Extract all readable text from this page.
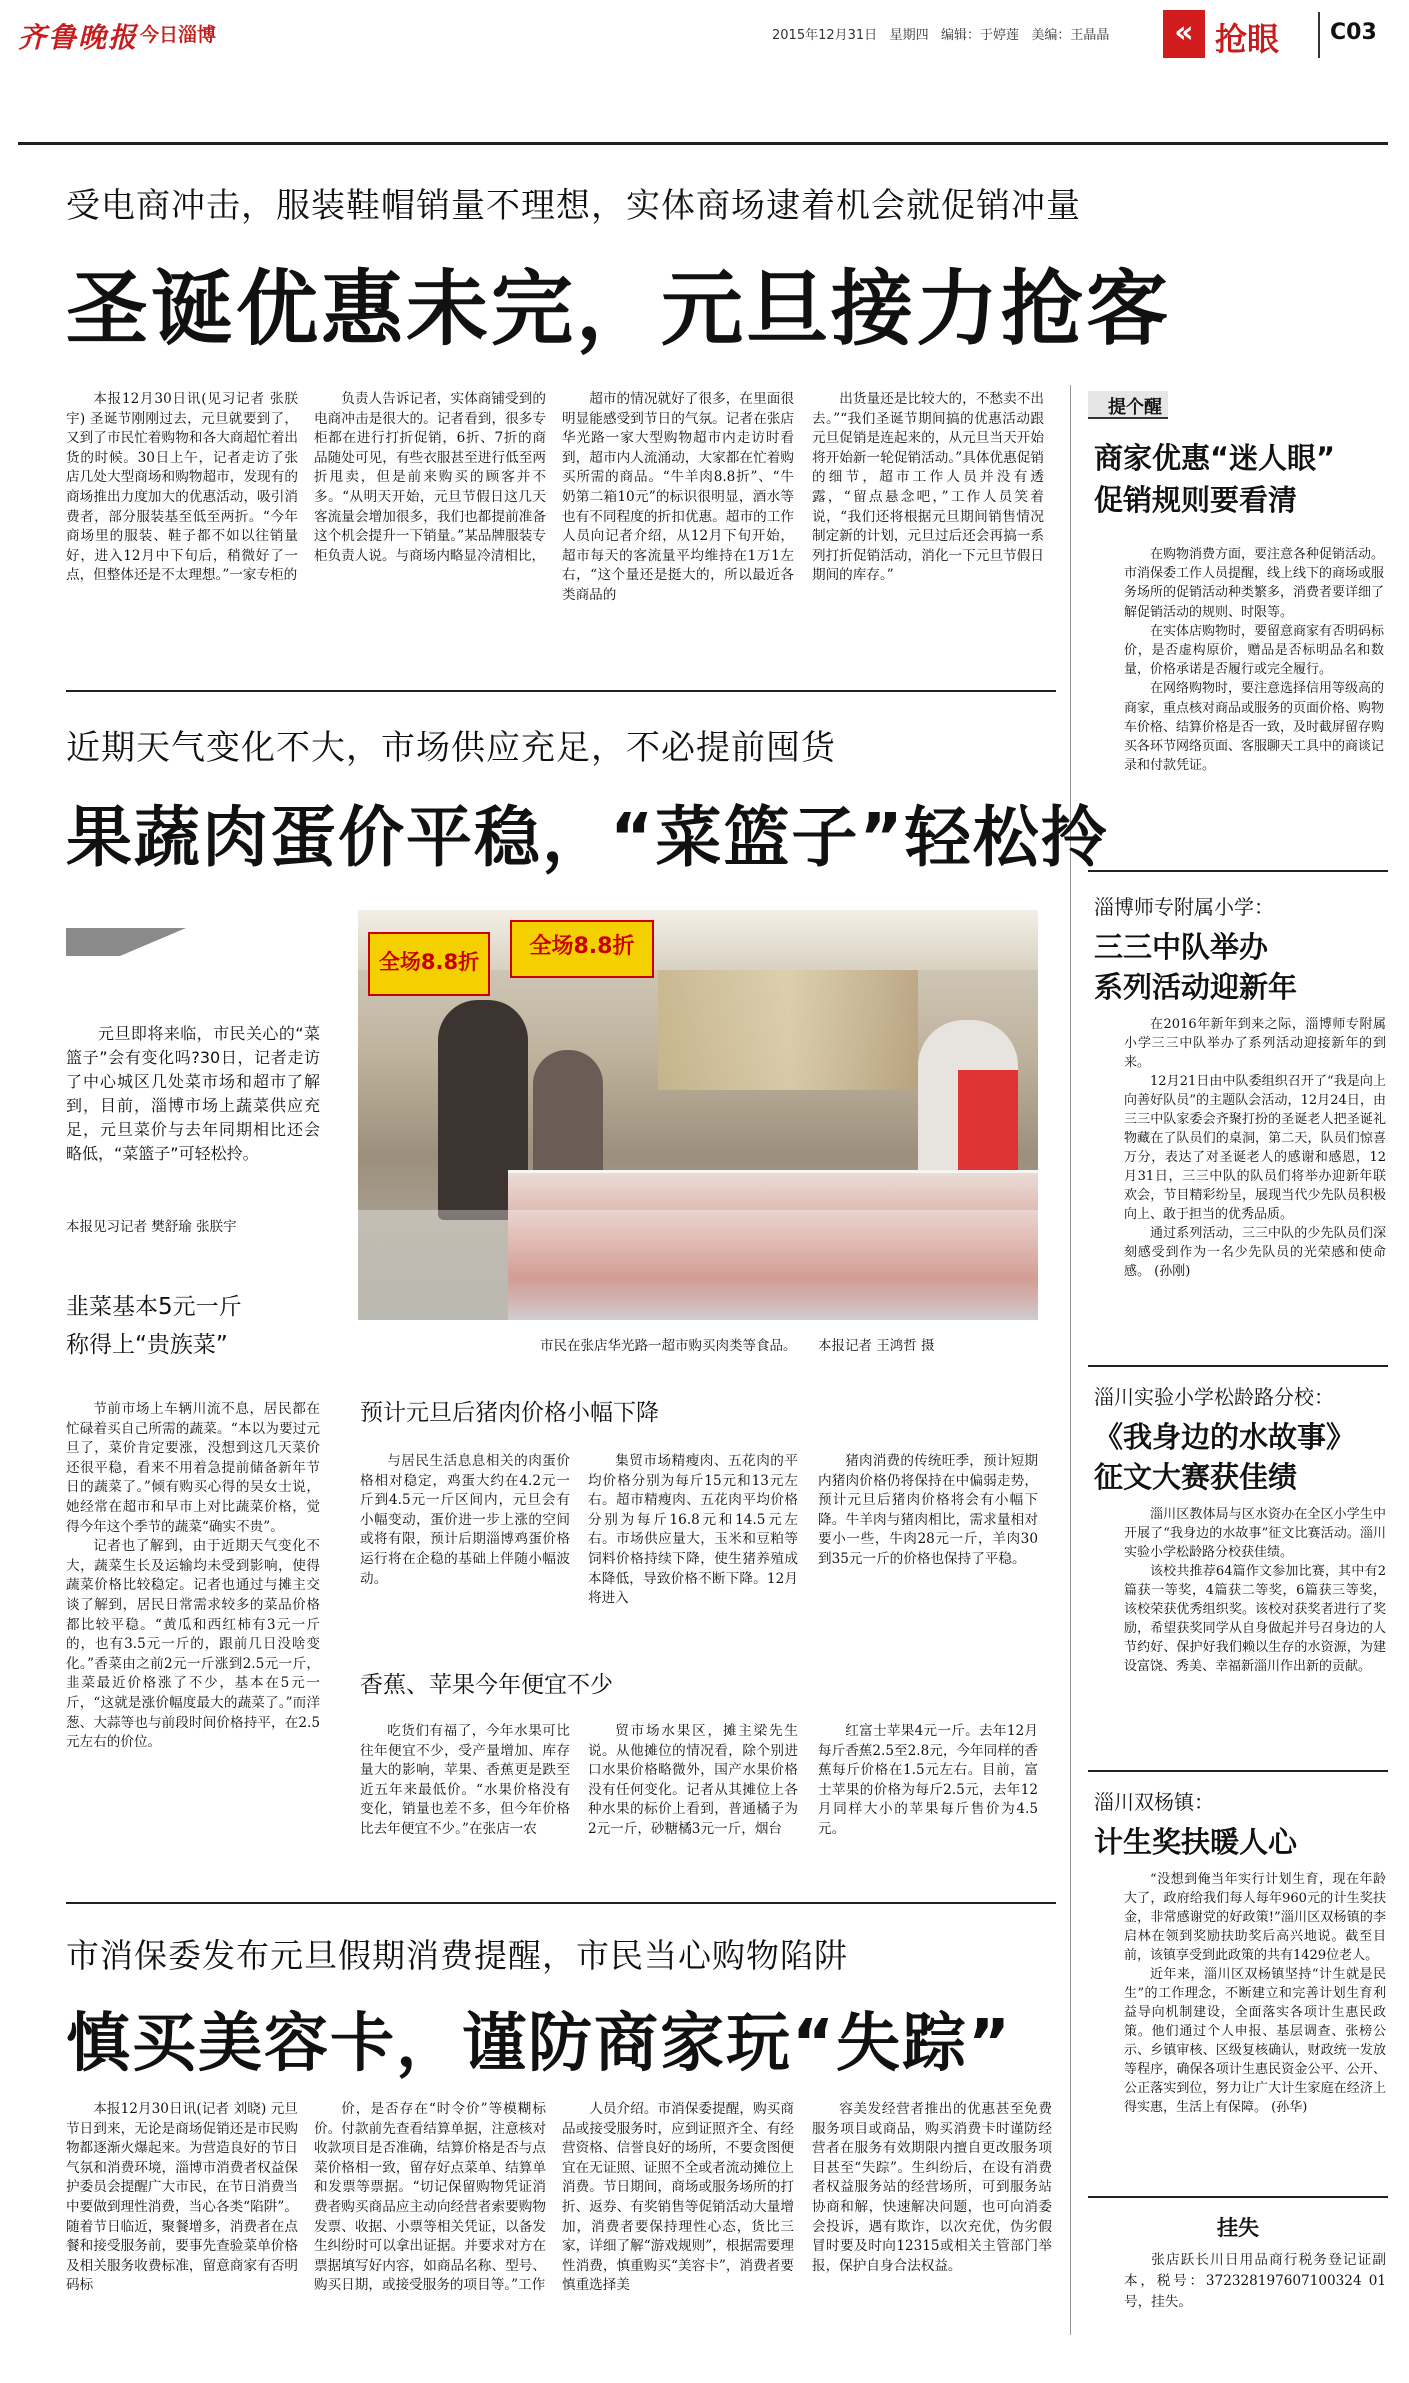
齐鲁晚报 今日淄博	2015年12月31日 星期四 编辑：于婷莲 美编：王晶晶	« 抢眼 C03
受电商冲击，服装鞋帽销量不理想，实体商场逮着机会就促销冲量
圣诞优惠未完，元旦接力抢客

本报12月30日讯(见习记者 张朕宇) 圣诞节刚刚过去，元旦就要到了，又到了市民忙着购物和各大商超忙着出货的时候。30日上午，记者走访了张店几处大型商场和购物超市，发现有的商场推出力度加大的优惠活动，吸引消费者，部分服装基至低至两折。“今年商场里的服装、鞋子都不如以往销量好，进入12月中下旬后，稍微好了一点，但整体还是不太理想。”一家专柜的

负责人告诉记者，实体商铺受到的电商冲击是很大的。记者看到，很多专柜都在进行打折促销，6折、7折的商品随处可见，有些衣服甚至进行低至两折甩卖，但是前来购买的顾客并不多。“从明天开始，元旦节假日这几天客流量会增加很多，我们也都提前准备这个机会提升一下销量。”某品牌服装专柜负责人说。与商场内略显冷清相比，

超市的情况就好了很多，在里面很明显能感受到节日的气氛。记者在张店华光路一家大型购物超市内走访时看到，超市内人流涌动，大家都在忙着购买所需的商品。“牛羊肉8.8折”、“牛奶第二箱10元”的标识很明显，酒水等也有不同程度的折扣优惠。超市的工作人员向记者介绍，从12月下旬开始，超市每天的客流量平均维持在1万1左右，“这个量还是挺大的，所以最近各类商品的

出货量还是比较大的，不愁卖不出去。”“我们圣诞节期间搞的优惠活动跟元旦促销是连起来的，从元旦当天开始将开始新一轮促销活动。”具体优惠促销的细节，超市工作人员并没有透露，“留点悬念吧，”工作人员笑着说，“我们还将根据元旦期间销售情况制定新的计划，元旦过后还会再搞一系列打折促销活动，消化一下元旦节假日期间的库存。”

提个醒
商家优惠“迷人眼”
促销规则要看清

在购物消费方面，要注意各种促销活动。市消保委工作人员提醒，线上线下的商场或服务场所的促销活动种类繁多，消费者要详细了解促销活动的规则、时限等。

在实体店购物时，要留意商家有否明码标价，是否虚构原价，赠品是否标明品名和数量，价格承诺是否履行或完全履行。

在网络购物时，要注意选择信用等级高的商家，重点核对商品或服务的页面价格、购物车价格、结算价格是否一致，及时截屏留存购买各环节网络页面、客服聊天工具中的商谈记录和付款凭证。

近期天气变化不大，市场供应充足，不必提前囤货
果蔬肉蛋价平稳，“菜篮子”轻松拎
元旦即将来临，市民关心的“菜篮子”会有变化吗?30日，记者走访了中心城区几处菜市场和超市了解到，目前，淄博市场上蔬菜供应充足，元旦菜价与去年同期相比还会略低，“菜篮子”可轻松拎。
本报见习记者 樊舒瑜 张朕宇
全场8.8折
全场8.8折
市民在张店华光路一超市购买肉类等食品。 本报记者 王鸿哲 摄
韭菜基本5元一斤
称得上“贵族菜”

节前市场上车辆川流不息，居民都在忙碌着买自己所需的蔬菜。“本以为要过元旦了，菜价肯定要涨，没想到这几天菜价还很平稳，看来不用着急提前储备新年节日的蔬菜了。”倾有购买心得的吴女士说，她经常在超市和早市上对比蔬菜价格，觉得今年这个季节的蔬菜“确实不贵”。

记者也了解到，由于近期天气变化不大，蔬菜生长及运输均未受到影响，使得蔬菜价格比较稳定。记者也通过与摊主交谈了解到，居民日常需求较多的菜品价格都比较平稳。“黄瓜和西红柿有3元一斤的，也有3.5元一斤的，跟前几日没啥变化。”香菜由之前2元一斤涨到2.5元一斤，韭菜最近价格涨了不少，基本在5元一斤，“这就是涨价幅度最大的蔬菜了。”而洋葱、大蒜等也与前段时间价格持平，在2.5元左右的价位。

预计元旦后猪肉价格小幅下降

与居民生活息息相关的肉蛋价格相对稳定，鸡蛋大约在4.2元一斤到4.5元一斤区间内，元旦会有小幅变动，蛋价进一步上涨的空间或将有限，预计后期淄博鸡蛋价格运行将在企稳的基础上伴随小幅波动。

集贸市场精瘦肉、五花肉的平均价格分别为每斤15元和13元左右。超市精瘦肉、五花肉平均价格分别为每斤16.8元和14.5元左右。市场供应量大，玉米和豆粕等饲料价格持续下降，使生猪养殖成本降低，导致价格不断下降。12月将进入

猪肉消费的传统旺季，预计短期内猪肉价格仍将保持在中偏弱走势，预计元旦后猪肉价格将会有小幅下降。牛羊肉与猪肉相比，需求量相对要小一些，牛肉28元一斤，羊肉30到35元一斤的价格也保持了平稳。

香蕉、苹果今年便宜不少

吃货们有福了，今年水果可比往年便宜不少，受产量增加、库存量大的影响，苹果、香蕉更是跌至近五年来最低价。“水果价格没有变化，销量也差不多，但今年价格比去年便宜不少。”在张店一农

贸市场水果区，摊主梁先生说。从他摊位的情况看，除个别进口水果价格略微外，国产水果价格没有任何变化。记者从其摊位上各种水果的标价上看到，普通橘子为2元一斤，砂糖橘3元一斤，烟台

红富士苹果4元一斤。去年12月每斤香蕉2.5至2.8元，今年同样的香蕉每斤价格在1.5元左右。目前，富士苹果的价格为每斤2.5元，去年12月同样大小的苹果每斤售价为4.5元。

淄博师专附属小学：
三三中队举办
系列活动迎新年

在2016年新年到来之际，淄博师专附属小学三三中队举办了系列活动迎接新年的到来。

12月21日由中队委组织召开了“我是向上向善好队员”的主题队会活动，12月24日，由三三中队家委会齐聚打扮的圣诞老人把圣诞礼物藏在了队员们的桌洞，第二天，队员们惊喜万分，表达了对圣诞老人的感谢和感恩，12月31日，三三中队的队员们将举办迎新年联欢会，节目精彩纷呈，展现当代少先队员积极向上、敢于担当的优秀品质。

通过系列活动，三三中队的少先队员们深刻感受到作为一名少先队员的光荣感和使命感。 (孙刚)

淄川实验小学松龄路分校：
《我身边的水故事》
征文大赛获佳绩

淄川区教体局与区水资办在全区小学生中开展了“我身边的水故事”征文比赛活动。淄川实验小学松龄路分校获佳绩。

该校共推荐64篇作文参加比赛，其中有2篇获一等奖，4篇获二等奖，6篇获三等奖，该校荣获优秀组织奖。该校对获奖者进行了奖励，希望获奖同学从自身做起并号召身边的人节约好、保护好我们赖以生存的水资源，为建设富饶、秀美、幸福新淄川作出新的贡献。

淄川双杨镇：
计生奖扶暖人心

“没想到俺当年实行计划生育，现在年龄大了，政府给我们每人每年960元的计生奖扶金，非常感谢党的好政策!”淄川区双杨镇的李启林在领到奖励扶助奖后高兴地说。截至目前，该镇享受到此政策的共有1429位老人。

近年来，淄川区双杨镇坚持“计生就是民生”的工作理念，不断建立和完善计划生育利益导向机制建设，全面落实各项计生惠民政策。他们通过个人申报、基层调查、张榜公示、乡镇审核、区级复核确认，财政统一发放等程序，确保各项计生惠民资金公平、公开、公正落实到位，努力让广大计生家庭在经济上得实惠，生活上有保障。 (孙华)

挂失

张店跃长川日用品商行税务登记证副本，税号：372328197607100324 01号，挂失。

市消保委发布元旦假期消费提醒，市民当心购物陷阱
慎买美容卡，谨防商家玩“失踪”

本报12月30日讯(记者 刘晓) 元旦节日到来，无论是商场促销还是市民购物都逐渐火爆起来。为营造良好的节日气氛和消费环境，淄博市消费者权益保护委员会提醒广大市民，在节日消费当中要做到理性消费，当心各类“陷阱”。随着节日临近，聚餐增多，消费者在点餐和接受服务前，要事先查验菜单价格及相关服务收费标准，留意商家有否明码标

价，是否存在“时令价”等模糊标价。付款前先查看结算单据，注意核对收款项目是否准确，结算价格是否与点菜价格相一致，留存好点菜单、结算单和发票等票据。“切记保留购物凭证消费者购买商品应主动向经营者索要购物发票、收据、小票等相关凭证，以备发生纠纷时可以拿出证据。并要求对方在票据填写好内容，如商品名称、型号、购买日期，或接受服务的项目等。”工作

人员介绍。市消保委提醒，购买商品或接受服务时，应到证照齐全、有经营资格、信誉良好的场所，不要贪图便宜在无证照、证照不全或者流动摊位上消费。节日期间，商场或服务场所的打折、返券、有奖销售等促销活动大量增加，消费者要保持理性心态，货比三家，详细了解“游戏规则”，根据需要理性消费，慎重购买“美容卡”，消费者要慎重选择美

容美发经营者推出的优惠甚至免费服务项目或商品，购买消费卡时谨防经营者在服务有效期限内擅自更改服务项目甚至“失踪”。生纠纷后，在设有消费者权益服务站的经营场所，可到服务站协商和解，快速解决问题，也可向消委会投诉，遇有欺诈，以次充优，伪劣假冒时要及时向12315或相关主管部门举报，保护自身合法权益。
